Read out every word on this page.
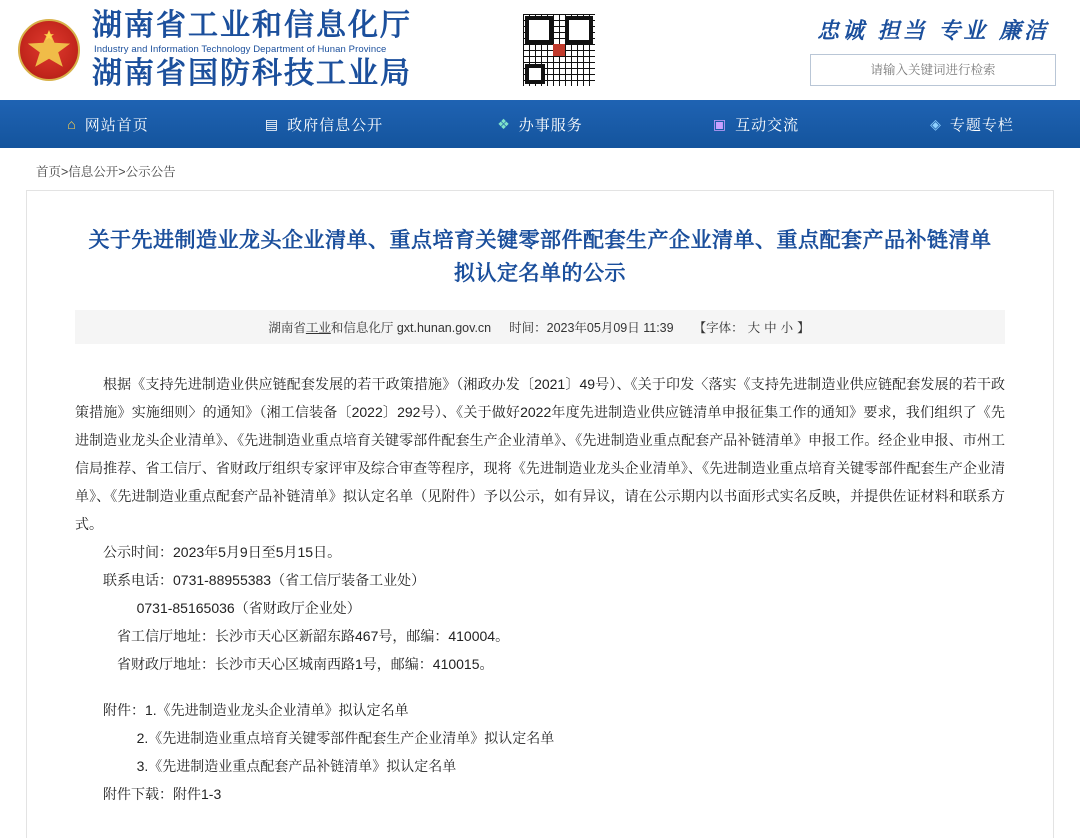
★ 湖南省工业和信息化厅
Industry and Information Technology Department of Hunan Province
湖南省国防科技工业局
忠诚 担当 专业 廉洁
请输入关键词进行检索
⌂ 网站首页	▤ 政府信息公开	❖ 办事服务	▣ 互动交流	◈ 专题专栏
首页>信息公开>公示公告
关于先进制造业龙头企业清单、重点培育关键零部件配套生产企业清单、重点配套产品补链清单拟认定名单的公示
湖南省工业和信息化厅 gxt.hunan.gov.cn 时间：2023年05月09日 11:39 【字体： 大 中 小 】

根据《支持先进制造业供应链配套发展的若干政策措施》（湘政办发〔2021〕49号）、《关于印发〈落实《支持先进制造业供应链配套发展的若干政策措施》实施细则〉的通知》（湘工信装备〔2022〕292号）、《关于做好2022年度先进制造业供应链清单申报征集工作的通知》要求，我们组织了《先进制造业龙头企业清单》、《先进制造业重点培育关键零部件配套生产企业清单》、《先进制造业重点配套产品补链清单》申报工作。经企业申报、市州工信局推荐、省工信厅、省财政厅组织专家评审及综合审查等程序，现将《先进制造业龙头企业清单》、《先进制造业重点培育关键零部件配套生产企业清单》、《先进制造业重点配套产品补链清单》拟认定名单（见附件）予以公示，如有异议，请在公示期内以书面形式实名反映，并提供佐证材料和联系方式。

公示时间：2023年5月9日至5月15日。

联系电话：0731-88955383（省工信厅装备工业处）

0731-85165036（省财政厅企业处）

省工信厅地址：长沙市天心区新韶东路467号，邮编：410004。

省财政厅地址：长沙市天心区城南西路1号，邮编：410015。

附件：1.《先进制造业龙头企业清单》拟认定名单

2.《先进制造业重点培育关键零部件配套生产企业清单》拟认定名单

3.《先进制造业重点配套产品补链清单》拟认定名单

附件下载：附件1-3
